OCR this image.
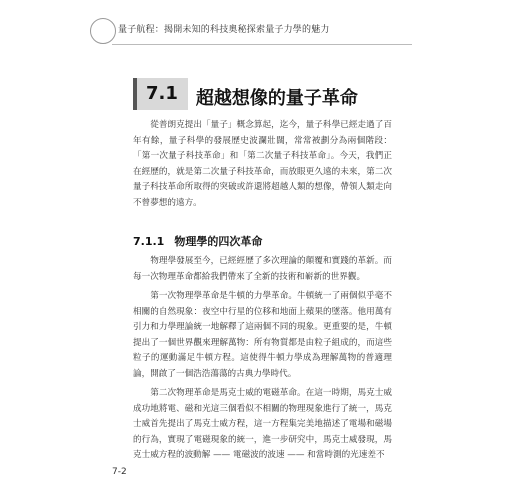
量子航程：揭開未知的科技奧秘探索量子力學的魅力
7.1	超越想像的量子革命

從普朗克提出「量子」概念算起，迄今，量子科學已經走過了百年有餘，量子科學的發展歷史波瀾壯闊，常常被劃分為兩個階段：「第一次量子科技革命」和「第二次量子科技革命」。今天，我們正在經歷的，就是第二次量子科技革命，而放眼更久遠的未來，第二次量子科技革命所取得的突破或許還將超越人類的想像，帶領人類走向不曾夢想的遠方。

7.1.1 物理學的四次革命

物理學發展至今，已經經歷了多次理論的顛覆和實踐的革新。而每一次物理革命都給我們帶來了全新的技術和嶄新的世界觀。

第一次物理學革命是牛頓的力學革命。牛頓統一了兩個似乎毫不相關的自然現象：夜空中行星的位移和地面上蘋果的墜落。他用萬有引力和力學理論統一地解釋了這兩個不同的現象。更重要的是，牛頓提出了一個世界觀來理解萬物：所有物質都是由粒子組成的，而這些粒子的運動滿足牛頓方程。這使得牛頓力學成為理解萬物的普適理論，開啟了一個浩浩蕩蕩的古典力學時代。

第二次物理革命是馬克士威的電磁革命。在這一時期，馬克士威成功地將電、磁和光這三個看似不相關的物理現象進行了統一，馬克士威首先提出了馬克士威方程，這一方程集完美地描述了電場和磁場的行為，實現了電磁現象的統一，進一步研究中，馬克士威發現，馬克士威方程的波動解 —— 電磁波的波速 —— 和當時測的光速差不

7-2
